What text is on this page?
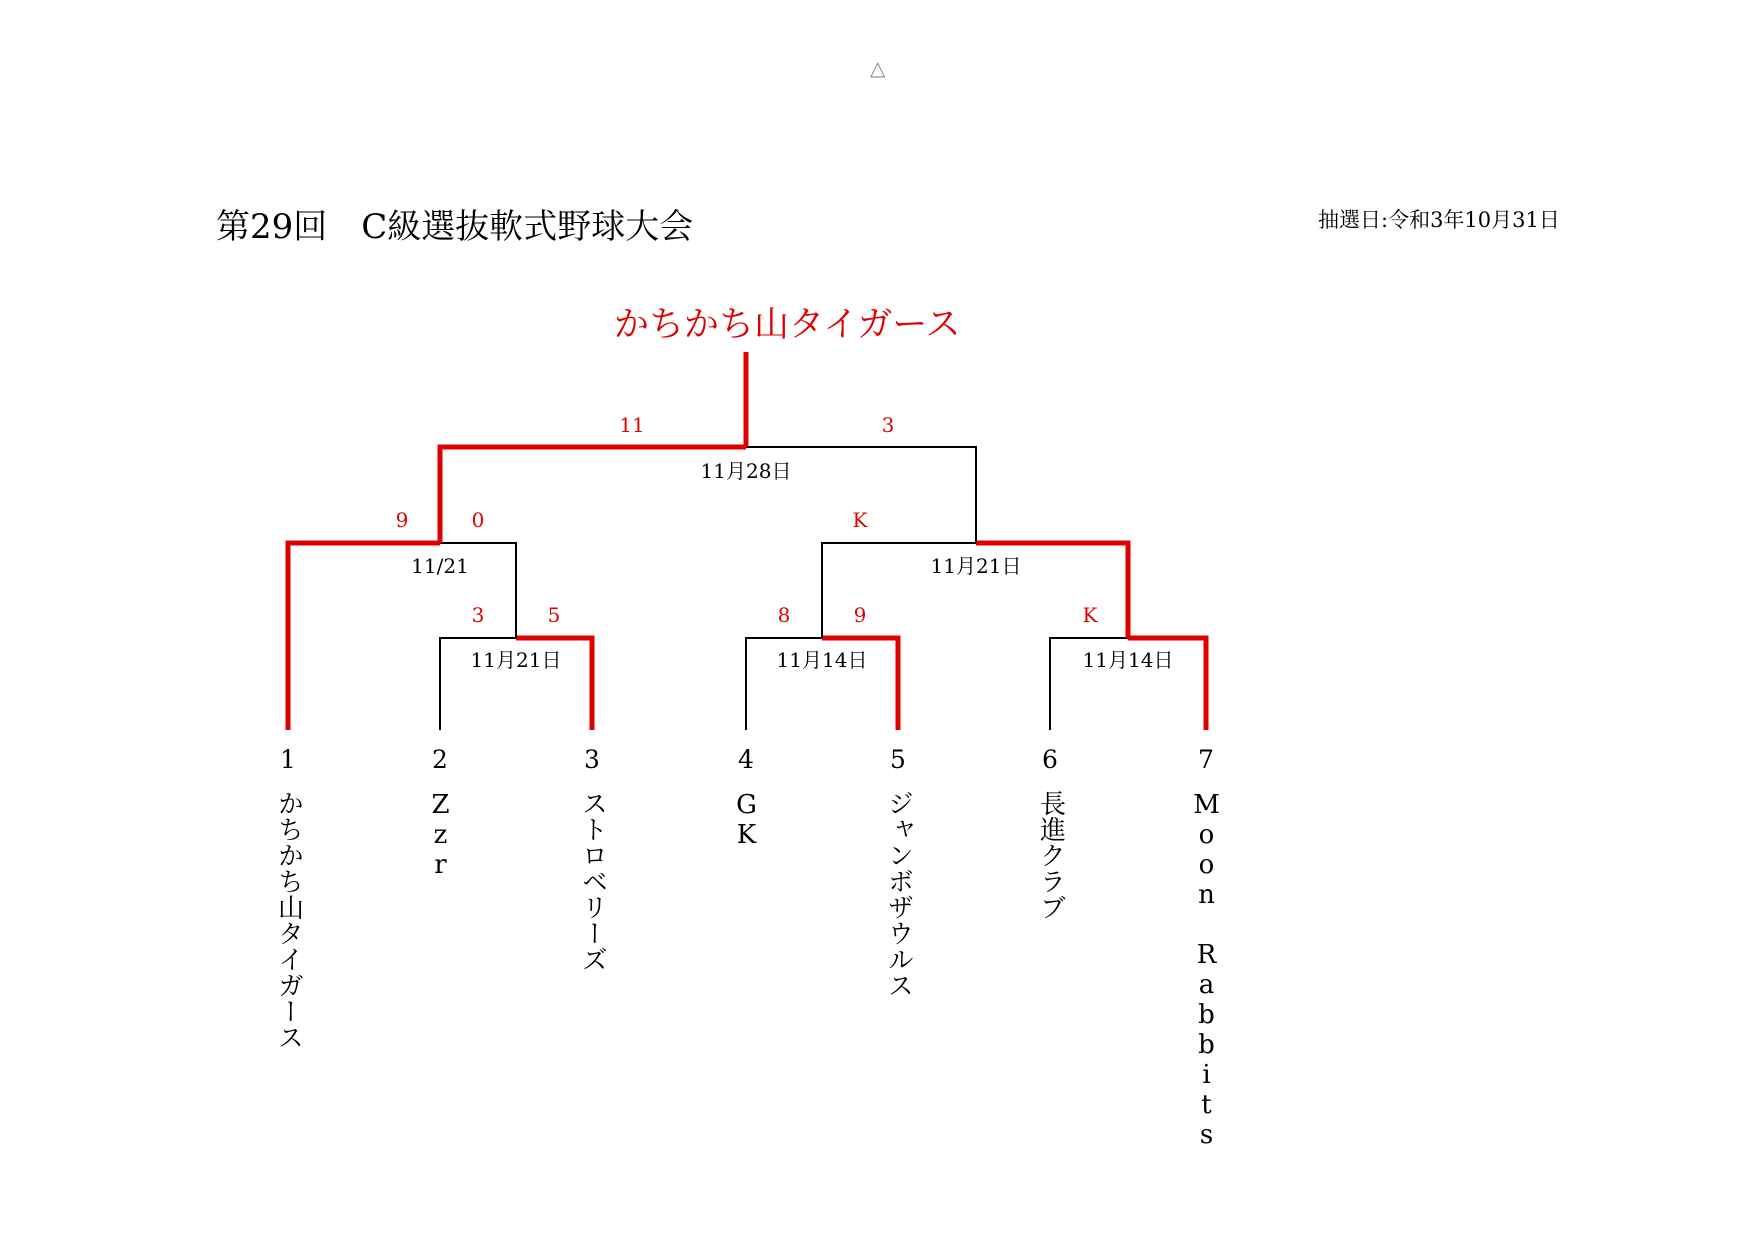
△
第29回　C級選抜軟式野球大会	抽選日:令和3年10月31日
かちかち山タイガース
3	5	8	9	K
9	0	K
11	3
11月21日	11月14日	11月14日
11/21	11月21日
11月28日
1
かちかち山タイガース
2
Zzr
3
ストロベリーズ
4
GK
5
ジャンボザウルス
6
長進クラブ
7
Moon Rabbits
